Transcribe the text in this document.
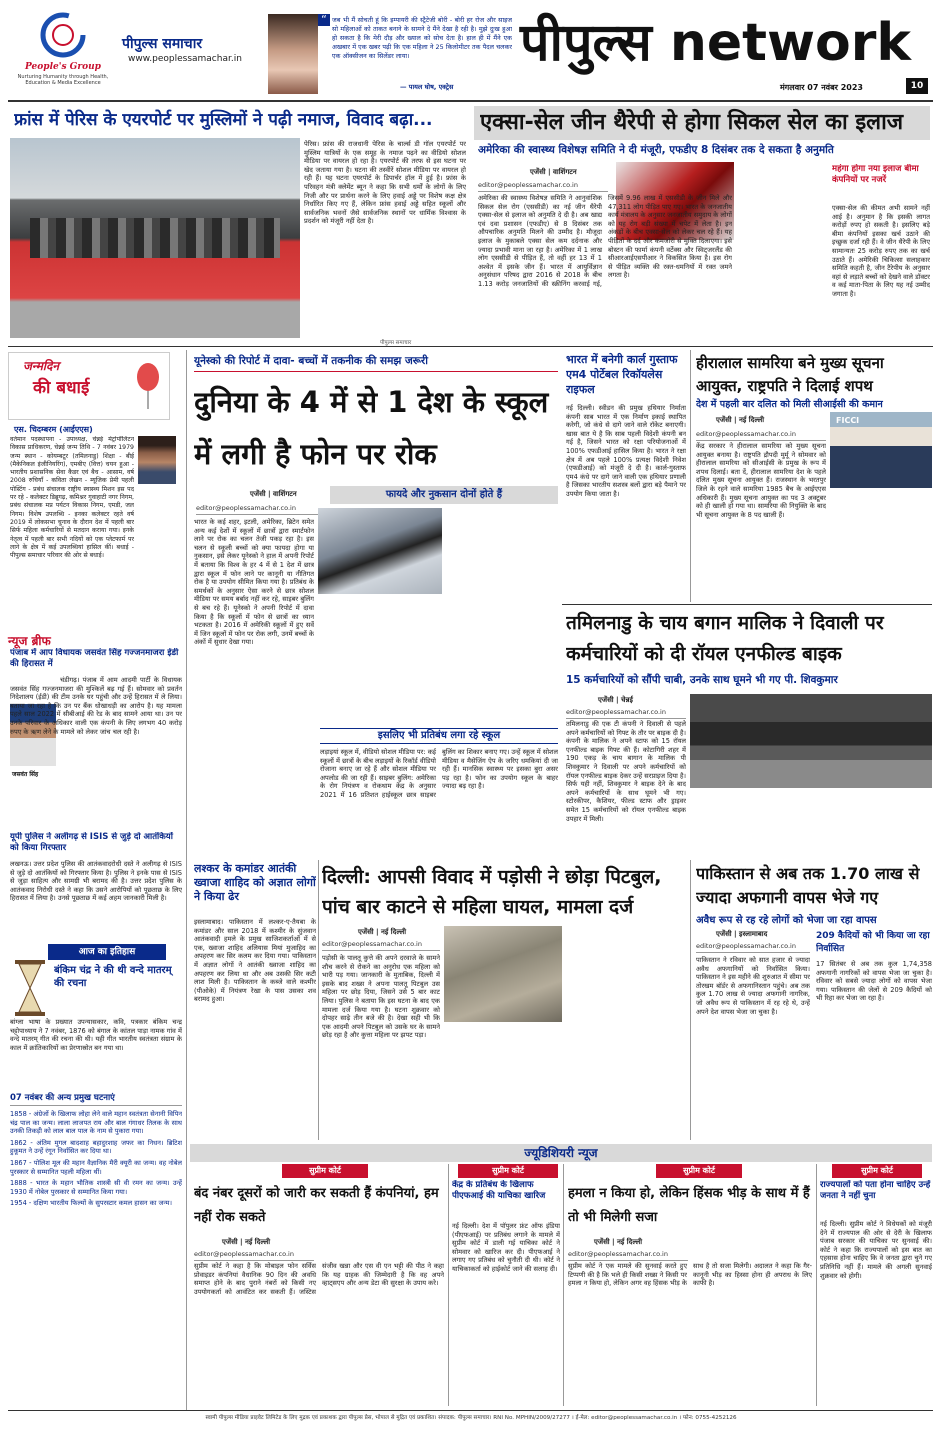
People's Group
Nurturing Humanity through Health, Education & Media Excellence
पीपुल्स समाचार
www.peoplessamachar.in
“ जब भी मैं सोचती हूं कि इम्पायरी की स्ट्रैटेजी बोरी - बोरी हर रोज और साइज सो महिलाओं को ताकत बनाने के सामने दे मैंने देखा है रही है। मुझे दुःख हुआ हो सकता है कि मेरी दौड़ और ख्याल को सोच देता है। हाल ही में मैंने एक अखबार में एक खबर पढ़ी कि एक महिला ने 25 किलोमीटर तक पैदल चलकर एक ऑक्सीजन का सिलेंडर लाया।
— पायल घोष, एक्ट्रेस
पीपुल्स network
मंगलवार 07 नवंबर 2023	10
फ्रांस में पेरिस के एयरपोर्ट पर मुस्लिमों ने पढ़ी नमाज, विवाद बढ़ा...
पेरिस। फ्रांस की राजधानी पेरिस के चार्ल्स डी गॉल एयरपोर्ट पर मुस्लिम यात्रियों के एक समूह के नमाज पढ़ने का वीडियो सोशल मीडिया पर वायरल हो रहा है। एयरपोर्ट की तरफ से इस घटना पर खेद जताया गया है। घटना की तस्वीरें सोशल मीडिया पर वायरल हो रही हैं। यह घटना एयरपोर्ट के डिपार्चर हॉल में हुई है। फ्रांस के परिवहन मंत्री क्लेमेंट ब्यून ने कहा कि सभी धर्मों के लोगों के लिए निजी और पर प्रार्थना करने के लिए हवाई अड्डे पर विशेष कक्ष क्षेत्र निर्धारित किए गए हैं, लेकिन फ्रांस हवाई अड्डे सहित स्कूलों और सार्वजनिक भवनों जैसे सार्वजनिक स्थानों पर धार्मिक विश्वास के प्रदर्शन को मंजूरी नहीं देता है।
पीपुल्स समाचार
एक्सा-सेल जीन थैरेपी से होगा सिकल सेल का इलाज
अमेरिका की स्वास्थ्य विशेषज्ञ समिति ने दी मंजूरी, एफडीए 8 दिसंबर तक दे सकता है अनुमति
एजेंसी | वाशिंगटन
editor@peoplessamachar.co.in
अमेरिका की स्वास्थ्य विशेषज्ञ समिति ने आनुवांशिक सिकल सेल रोग (एससीडी) का नई जीन थैरेपी एक्सा-सेल से इलाज को अनुमति दे दी है। अब खाद्य एवं दवा प्रशासन (एफडीए) से 8 दिसंबर तक औपचारिक अनुमति मिलने की उम्मीद है। मौजूदा इलाज के मुकाबले एक्सा सेल कम दर्दनाक और ज्यादा प्रभावी माना जा रहा है। अमेरिका में 1 लाख लोग एससीडी से पीड़ित हैं, तो वहीं हर 13 में 1 अश्वेत में इसके जीन हैं। भारत में आयुर्विज्ञान अनुसंधान परिषद द्वारा 2016 से 2018 के बीच 1.13 करोड़ जनजातियों की स्क्रीनिंग करवाई गई, जिसमें 9.96 लाख में एससीडी के जीन मिले और 47,311 लोग पीड़ित पाए गए। भारत के जनजातीय कार्य मंत्रालय के अनुसार जनजातीय समुदाय के लोगों को यह रोग बड़ी संख्या में चपेट में लेता है। इन अंकड़ों के बीच एक्सा-सेल को लेकर चल रहे हैं। यह पीड़ितों के दर्द और कमजोरी से मुक्ति दिलाएगा। इसे बोस्टन की फार्मा कंपनी वर्टेक्स और स्विट्जरलैंड की सीआरआईएसपीआर ने विकसित किया है। इस रोग से पीड़ित व्यक्ति की रक्त-धमनियों में रक्त जमने लगता है।
महंगा होगा नया इलाज बीमा कंपनियों पर नजरें
एक्सा-सेल की कीमत अभी सामने नहीं आई है। अनुमान है कि इसकी लागत करोड़ों रुपए हो सकती है। इसलिए बड़े बीमा कंपनियों इसका खर्च उठाने की इच्छुक दर्जा रही हैं। वे जीन थैरेपी के लिए सामान्यतः 25 करोड़ रुपए तक का खर्च उठाते हैं। अमेरिकी चिकित्सा सलाहकार समिति कहती है, जीन टैरेपीय के अनुसार वहां से लड़ाते बच्चों को देखने वाले डॉक्टर व कई माता-पिता के लिए यह नई उम्मीद जगाता है।
जन्मदिन
की बधाई
एस. चिदम्बरम (आईएएस)
वर्तमान पदस्थापना - उपाध्यक्ष, चेन्नई मेट्रोपॉलिटन विकास प्राधिकरण, चेन्नई जन्म तिथि - 7 नवंबर 1979 जन्म स्थान - कोयम्बटूर (तमिलनाडु) शिक्षा - बीई (मैकेनिकल इंजीनियरिंग), एमबीए (वित्त) चयन हुआ - भारतीय प्रशासनिक सेवा कैडर एवं बैच - आसाम, वर्ष 2008 रुचियाँ - कविता लेखन - म्यूजिक प्रेमी पहली पोस्टिंग - प्रबंध संचालक राष्ट्रीय स्वास्थ्य मिशन इस पद पर रहे - कलेक्टर डिब्रूगढ़, कमिश्नर गुवाहाटी नगर निगम, प्रबंध संचालक मप्र पर्यटन विकास निगम, एमडी, जल निगम। विशेष उपलब्धि - इनका कलेक्टर रहते वर्ष 2019 में लोकसभा चुनाव के दौरान देश में पहली बार सिर्फ महिला कर्मचारियों से मतदान कराया गया। इनके नेतृत्व में पहली बार सभी नदियों को एक प्लेटफार्म पर लाने के क्षेत्र में कई उपलब्धियां हासिल कीं। बधाई - पीपुल्स समाचार परिवार की ओर से बधाई।
न्यूज ब्रीफ
पंजाब में आप विधायक जसवंत सिंह गज्जनमाजरा ईडी की हिरासत में
जसवंत सिंह
चंडीगढ़। पंजाब में आम आदमी पार्टी के विधायक जसवंत सिंह गज्जनमाजरा की मुश्किलें बढ़ गई हैं। सोमवार को प्रवर्तन निदेशालय (ईडी) की टीम उनके घर पहुंची और उन्हें हिरासत में ले लिया। बताया जा रहा है कि उन पर बैंक धोखाधड़ी का आरोप है। यह मामला पहले साल 2022 में सीबीआई की रेड के बाद सामने आया था। उन पर उनके परिवार के अधिकार वाली एक कंपनी के लिए लगभग 40 करोड़ रुपए के ऋण लेने के मामले को लेकर जांच चल रही है।
यूपी पुलिस ने अलीगढ़ से ISIS से जुड़े दो आतंकियों को किया गिरफ्तार
लखनऊ। उत्तर प्रदेश पुलिस की आतंकवादरोधी दस्ते ने अलीगढ़ से ISIS से जुड़े दो आतंकियों को गिरफ्तार किया है। पुलिस ने इनके पास से ISIS से जुड़ा साहित्य और सामग्री भी बरामद की है। उत्तर प्रदेश पुलिस के आतंकवाद निरोधी दस्ते ने कहा कि उसने आरोपियों को पूछताछ के लिए हिरासत में लिया है। उनसे पूछताछ में कई अहम जानकारी मिली है।
आज का इतिहास
बंकिम चंद्र ने की थी वन्दे मातरम् की रचना
बांग्ला भाषा के प्रख्यात उपन्यासकार, कवि, पत्रकार बंकिम चन्द्र चट्टोपाध्याय ने 7 नवंबर, 1876 को बंगाल के कांतल पाड़ा नामक गांव में वन्दे मातरम् गीत की रचना की थी। यही गीत भारतीय स्वतंत्रता संग्राम के काल में क्रांतिकारियों का प्रेरणास्रोत बन गया था।
07 नवंबर की अन्य प्रमुख घटनाएं
1858 - अंग्रेजों के खिलाफ लोहा लेने वाले महान स्वतंत्रता सेनानी विपिन चंद्र पाल का जन्म। लाला लाजपत राय और बाल गंगाधर तिलक के साथ उनकी तिकड़ी को लाल बाल पाल के नाम से पुकारा गया।
1862 - अंतिम मुगल बादशाह बहादुरशाह जफर का निधन। ब्रिटिश हुकूमत ने उन्हें रंगून निर्वासित कर दिया था।
1867 - पोलिश मूल की महान वैज्ञानिक मैरी क्यूरी का जन्म। वह नोबेल पुरस्कार से सम्मानित पहली महिला थीं।
1888 - भारत के महान भौतिक शास्त्री सी वी रमन का जन्म। उन्हें 1930 में नोबेल पुरस्कार से सम्मानित किया गया।
1954 - दक्षिण भारतीय फिल्मों के सुपरस्टार कमल हासन का जन्म।
यूनेस्को की रिपोर्ट में दावा- बच्चों में तकनीक की समझ जरूरी
दुनिया के 4 में से 1 देश के स्कूल में लगी है फोन पर रोक
एजेंसी | वाशिंगटन
editor@peoplessamachar.co.in
फायदे और नुकसान दोनों होते हैं
भारत के कई शहर, इटली, अमेरिका, ब्रिटेन समेत अन्य कई देशों में स्कूलों में छात्रों द्वारा स्मार्टफोन लाने पर रोक का चलन तेजी पकड़ रहा है। इस चलन से स्कूली बच्चों को क्या फायदा होगा या नुकसान, इसे लेकर यूनेस्को ने हाल में अपनी रिपोर्ट में बताया कि विश्व के हर 4 में से 1 देश में छात्र द्वारा स्कूल में फोन लाने पर कानूनी या नीतिगत रोक है या उपयोग सीमित किया गया है। प्रतिबंध के समर्थकों के अनुसार ऐसा करने से छात्र सोशल मीडिया पर समय बर्बाद नहीं कर रहे, साइबर बुलिंग से बच रहे हैं। यूनेस्को ने अपनी रिपोर्ट में दावा किया है कि स्कूलों में फोन से छात्रों का ध्यान भटकता है। 2016 में अमेरिकी स्कूलों में हुए सर्वे में जिन स्कूलों में फोन पर रोक लगी, उनमें बच्चों के अंकों में सुधार देखा गया।
इसलिए भी प्रतिबंध लगा रहे स्कूल
लड़ाइयां स्कूल में, वीडियो सोशल मीडिया पर: कई स्कूलों में छात्रों के बीच लड़ाइयों के रिकॉर्ड वीडियो रोजाना बनाए जा रहे हैं और सोशल मीडिया पर अपलोड की जा रही हैं। साइबर बुलिंग: अमेरिका के रोग नियंत्रण व रोकथाम केंद्र के अनुसार 2021 में 16 प्रतिशत हाईस्कूल छात्र साइबर बुलिंग का शिकार बनाए गए। उन्हें स्कूल में सोशल मीडिया व मैसेजिंग ऐप के जरिए धमकियां दी जा रही हैं। मानसिक स्वास्थ्य पर इसका बुरा असर पड़ रहा है। फोन का उपयोग स्कूल के बाहर ज्यादा बढ़ रहा है।
भारत में बनेगी कार्ल गुस्ताफ एम4 पोर्टेबल रिकॉयलेस राइफल
नई दिल्ली। स्वीडन की प्रमुख हथियार निर्माता कंपनी साब भारत में एक निर्माण इकाई स्थापित करेगी, जो कंधे से दागे जाने वाले रॉकेट बनाएगी। खास बात ये है कि साब पहली विदेशी कंपनी बन गई है, जिसने भारत को रक्षा परियोजनाओं में 100% एफडीआई हासिल किया है। भारत ने रक्षा क्षेत्र में अब पहले 100% प्रत्यक्ष विदेशी निवेश (एफडीआई) को मंजूरी दे दी है। कार्ल-गुस्ताफ एम4 कंधे पर दागे जाने वाली एक हथियार प्रणाली है जिसका भारतीय सशस्त्र बलों द्वारा बड़े पैमाने पर उपयोग किया जाता है।
हीरालाल सामरिया बने मुख्य सूचना आयुक्त, राष्ट्रपति ने दिलाई शपथ
देश में पहली बार दलित को मिली सीआईसी की कमान
एजेंसी | नई दिल्ली
editor@peoplessamachar.co.in
FICCI
केंद्र सरकार ने हीरालाल सामरिया को मुख्य सूचना आयुक्त बनाया है। राष्ट्रपति द्रौपदी मुर्मू ने सोमवार को हीरालाल सामरिया को सीआईसी के प्रमुख के रूप में शपथ दिलाई। बता दें, हीरालाल सामरिया देश के पहले दलित मुख्य सूचना आयुक्त हैं। राजस्थान के भरतपुर जिले के रहने वाले सामरिया 1985 बैच के आईएएस अधिकारी हैं। मुख्य सूचना आयुक्त का पद 3 अक्टूबर को ही खाली हो गया था। सामरिया की नियुक्ति के बाद भी सूचना आयुक्त के 8 पद खाली हैं।
तमिलनाडु के चाय बगान मालिक ने दिवाली पर कर्मचारियों को दी रॉयल एनफील्ड बाइक
15 कर्मचारियों को सौंपी चाबी, उनके साथ घूमने भी गए पी. शिवकुमार
एजेंसी | चेन्नई
editor@peoplessamachar.co.in
तमिलनाडु की एक टी कंपनी ने दिवाली से पहले अपने कर्मचारियों को गिफ्ट के तौर पर बाइक दी है। कंपनी के मालिक ने अपने स्टाफ को 15 रॉयल एनफील्ड बाइक गिफ्ट की हैं। कोटागिरी शहर में 190 एकड़ के चाय बागान के मालिक पी शिवकुमार ने दिवाली पर अपने कर्मचारियों को रॉयल एनफील्ड बाइक देकर उन्हें सरप्राइज दिया है। सिर्फ यही नहीं, शिवकुमार ने बाइक देने के बाद अपने कर्मचारियों के साथ घूमने भी गए। स्टोरकीपर, कैशियर, फील्ड स्टाफ और ड्राइवर समेत 15 कर्मचारियों को रॉयल एनफील्ड बाइक उपहार में मिली।
लश्कर के कमांडर आतंकी ख्वाजा शाहिद को अज्ञात लोगों ने किया ढेर
इस्लामाबाद। पाकिस्तान में लश्कर-ए-तैयबा के कमांडर और साल 2018 में कश्मीर के सुंजवान आतंकवादी हमले के प्रमुख साजिशकर्ताओं में से एक, ख्वाजा शाहिद अलियास मियां मुजाहिद का अपहरण कर सिर कलम कर दिया गया। पाकिस्तान में अज्ञात लोगों ने आतंकी ख्वाजा शाहिद का अपहरण कर लिया था और अब उसकी सिर कटी लाश मिली है। पाकिस्तान के कब्जे वाले कश्मीर (पीओके) में नियंत्रण रेखा के पास उसका शव बरामद हुआ।
दिल्ली: आपसी विवाद में पड़ोसी ने छोड़ा पिटबुल, पांच बार काटने से महिला घायल, मामला दर्ज
एजेंसी | नई दिल्ली
editor@peoplessamachar.co.in
पड़ोसी के पालतू कुत्ते की अपने दरवाजे के सामने शौच करने से रोकने का अनुरोध एक महिला को भारी पड़ गया। जानकारी के मुताबिक, दिल्ली में इसके बाद शख्स ने अपना पालतू पिटबुल उस महिला पर छोड़ दिया, जिसने उसे 5 बार काट लिया। पुलिस ने बताया कि इस घटना के बाद एक मामला दर्ज किया गया है। घटना शुक्रवार को दोपहर साढ़े तीन बजे की है। देखा सही भी कि एक आदमी अपने पिटबुल को उसके घर के सामने छोड़ रहा है और कुत्ता महिला पर झपट पड़ा।
पाकिस्तान से अब तक 1.70 लाख से ज्यादा अफगानी वापस भेजे गए
अवैध रूप से रह रहे लोगों को भेजा जा रहा वापस
एजेंसी | इस्लामाबाद
editor@peoplessamachar.co.in
पाकिस्तान ने रविवार को सात हजार से ज्यादा अवैध अफगानियों को निर्वासित किया। पाकिस्तान ने इस महीने की शुरुआत में सीमा पर तोरखम बॉर्डर से अफगानिस्तान पहुंचे। अब तक कुल 1.70 लाख से ज्यादा अफगानी नागरिक, जो अवैध रूप से पाकिस्तान में रह रहे थे, उन्हें अपने देश वापस भेजा जा चुका है।
209 कैदियों को भी किया जा रहा निर्वासित
17 सितंबर से अब तक कुल 1,74,358 अफगानी नागरिकों को वापस भेजा जा चुका है। रविवार को सबसे ज्यादा लोगों को वापस भेजा गया। पाकिस्तान की जेलों से 209 कैदियों को भी रिहा कर भेजा जा रहा है।
ज्यूडिशियरी न्यूज
सुप्रीम कोर्ट
बंद नंबर दूसरों को जारी कर सकती हैं कंपनियां, हम नहीं रोक सकते
एजेंसी | नई दिल्ली
editor@peoplessamachar.co.in
सुप्रीम कोर्ट ने कहा है कि मोबाइल फोन सर्विस प्रोवाइडर कंपनियां वैधानिक 90 दिन की अवधि समाप्त होने के बाद पुराने नंबरों को किसी नए उपयोगकर्ता को आवंटित कर सकती हैं। जस्टिस संजीव खन्ना और एस वी एन भट्टी की पीठ ने कहा कि यह ग्राहक की जिम्मेदारी है कि वह अपने व्हाट्सएप और अन्य डेटा की सुरक्षा के उपाय करे।
सुप्रीम कोर्ट
केंद्र के प्रतिबंध के खिलाफ पीएफआई की याचिका खारिज
नई दिल्ली। देश में पॉपुलर फ्रंट ऑफ इंडिया (पीएफआई) पर प्रतिबंध लगाने के मामले में सुप्रीम कोर्ट में डाली गई याचिका कोर्ट ने सोमवार को खारिज कर दी। पीएफआई ने लगाए गए प्रतिबंध को चुनौती दी थी। कोर्ट ने याचिकाकर्ता को हाईकोर्ट जाने की सलाह दी।
सुप्रीम कोर्ट
हमला न किया हो, लेकिन हिंसक भीड़ के साथ में हैं तो भी मिलेगी सजा
एजेंसी | नई दिल्ली
editor@peoplessamachar.co.in
सुप्रीम कोर्ट ने एक मामले की सुनवाई करते हुए टिप्पणी की है कि भले ही किसी शख्स ने किसी पर हमला न किया हो, लेकिन अगर वह हिंसक भीड़ के साथ है तो सजा मिलेगी। अदालत ने कहा कि गैर-कानूनी भीड़ का हिस्सा होना ही अपराध के लिए काफी है।
सुप्रीम कोर्ट
राज्यपालों को पता होना चाहिए उन्हें जनता ने नहीं चुना
नई दिल्ली। सुप्रीम कोर्ट ने विधेयकों को मंजूरी देने में राज्यपाल की ओर से देरी के खिलाफ पंजाब सरकार की याचिका पर सुनवाई की। कोर्ट ने कहा कि राज्यपालों को इस बात का एहसास होना चाहिए कि वे जनता द्वारा चुने गए प्रतिनिधि नहीं हैं। मामले की अगली सुनवाई शुक्रवार को होगी।
स्वामी पीपुल्स मीडिया प्राइवेट लिमिटेड के लिए मुद्रक एवं प्रकाशक द्वारा पीपुल्स प्रेस, भोपाल से मुद्रित एवं प्रकाशित। संपादक: पीपुल्स समाचार। RNI No. MPHIN/2009/27277 । ई-मेल: editor@peoplessamachar.co.in । फोन: 0755-4252126
